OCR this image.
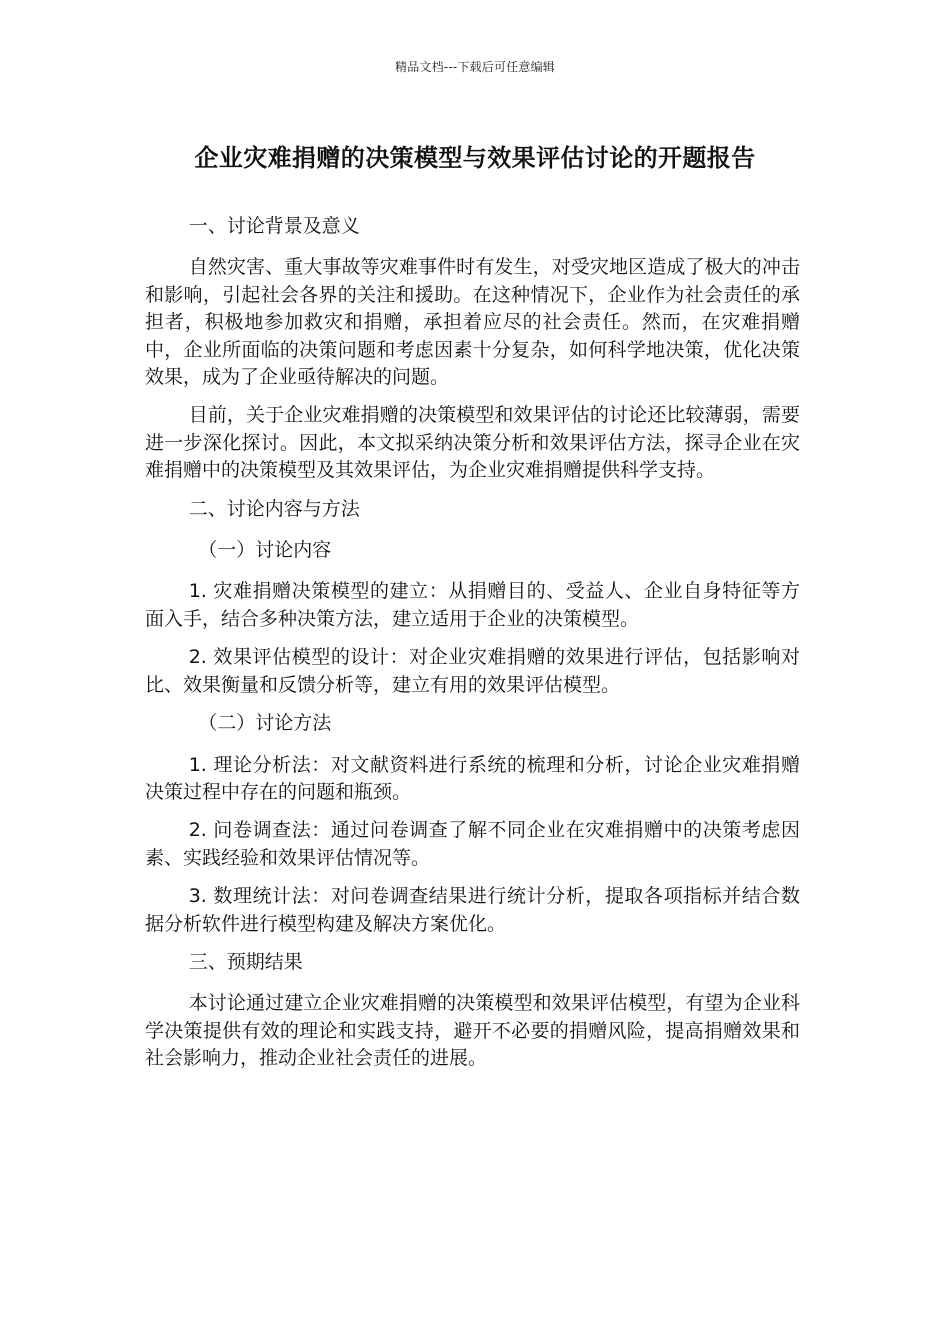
精品文档---下载后可任意编辑
企业灾难捐赠的决策模型与效果评估讨论的开题报告

一、讨论背景及意义

自然灾害、重大事故等灾难事件时有发生，对受灾地区造成了极大的冲击和影响，引起社会各界的关注和援助。在这种情况下，企业作为社会责任的承担者，积极地参加救灾和捐赠，承担着应尽的社会责任。然而，在灾难捐赠中，企业所面临的决策问题和考虑因素十分复杂，如何科学地决策，优化决策效果，成为了企业亟待解决的问题。

目前，关于企业灾难捐赠的决策模型和效果评估的讨论还比较薄弱，需要进一步深化探讨。因此，本文拟采纳决策分析和效果评估方法，探寻企业在灾难捐赠中的决策模型及其效果评估，为企业灾难捐赠提供科学支持。

二、讨论内容与方法

（一）讨论内容

1. 灾难捐赠决策模型的建立：从捐赠目的、受益人、企业自身特征等方面入手，结合多种决策方法，建立适用于企业的决策模型。

2. 效果评估模型的设计：对企业灾难捐赠的效果进行评估，包括影响对比、效果衡量和反馈分析等，建立有用的效果评估模型。

（二）讨论方法

1. 理论分析法：对文献资料进行系统的梳理和分析，讨论企业灾难捐赠决策过程中存在的问题和瓶颈。

2. 问卷调查法：通过问卷调查了解不同企业在灾难捐赠中的决策考虑因素、实践经验和效果评估情况等。

3. 数理统计法：对问卷调查结果进行统计分析，提取各项指标并结合数据分析软件进行模型构建及解决方案优化。

三、预期结果

本讨论通过建立企业灾难捐赠的决策模型和效果评估模型，有望为企业科学决策提供有效的理论和实践支持，避开不必要的捐赠风险，提高捐赠效果和社会影响力，推动企业社会责任的进展。
